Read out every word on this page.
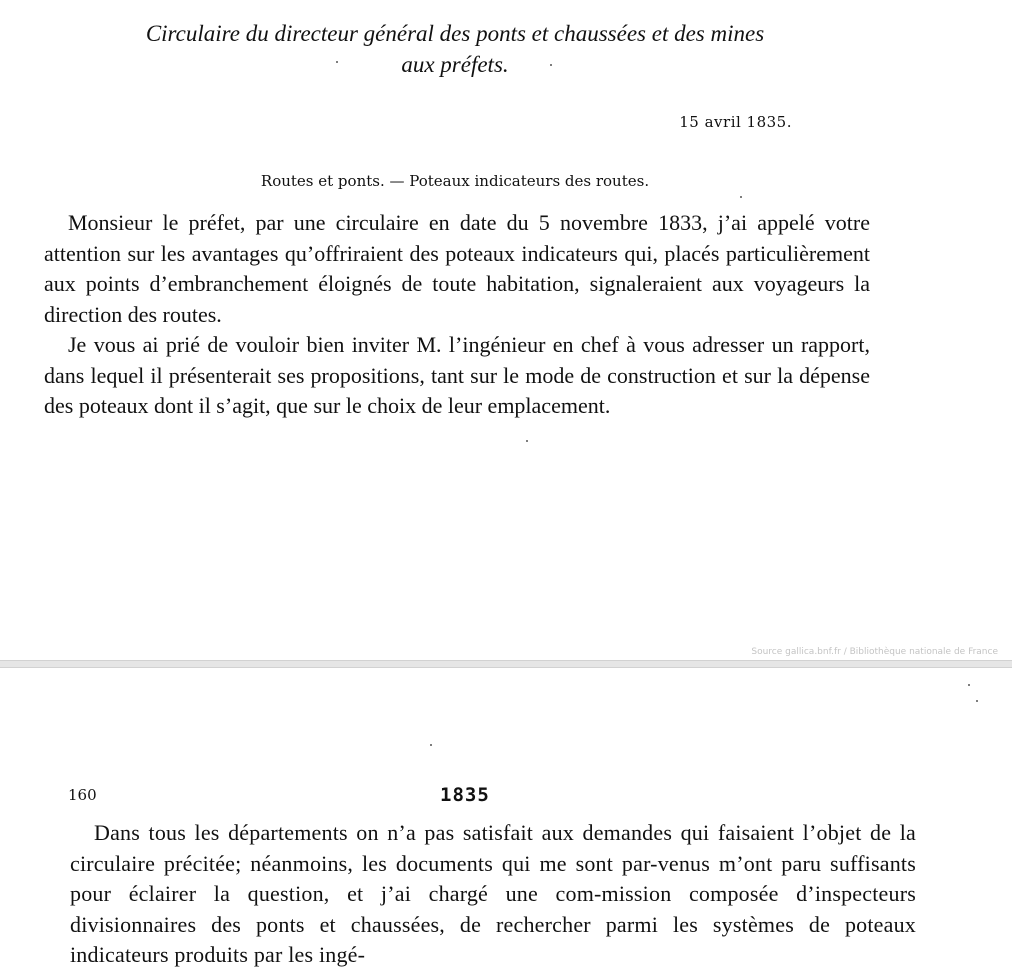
Circulaire du directeur général des ponts et chaussées et des mines
aux préfets.
15 avril 1835.
Routes et ponts. — Poteaux indicateurs des routes.

Monsieur le préfet, par une circulaire en date du 5 novembre 1833, j’ai appelé votre attention sur les avantages qu’offriraient des poteaux indicateurs qui, placés particulièrement aux points d’embranchement éloignés de toute habitation, signaleraient aux voyageurs la direction des routes.

Je vous ai prié de vouloir bien inviter M. l’ingénieur en chef à vous adresser un rapport, dans lequel il présenterait ses propositions, tant sur le mode de construction et sur la dépense des poteaux dont il s’agit, que sur le choix de leur emplacement.

Source gallica.bnf.fr / Bibliothèque nationale de France
160	1835

Dans tous les départements on n’a pas satisfait aux demandes qui faisaient l’objet de la circulaire précitée; néanmoins, les documents qui me sont par-venus m’ont paru suffisants pour éclairer la question, et j’ai chargé une com-mission composée d’inspecteurs divisionnaires des ponts et chaussées, de rechercher parmi les systèmes de poteaux indicateurs produits par les ingé-
